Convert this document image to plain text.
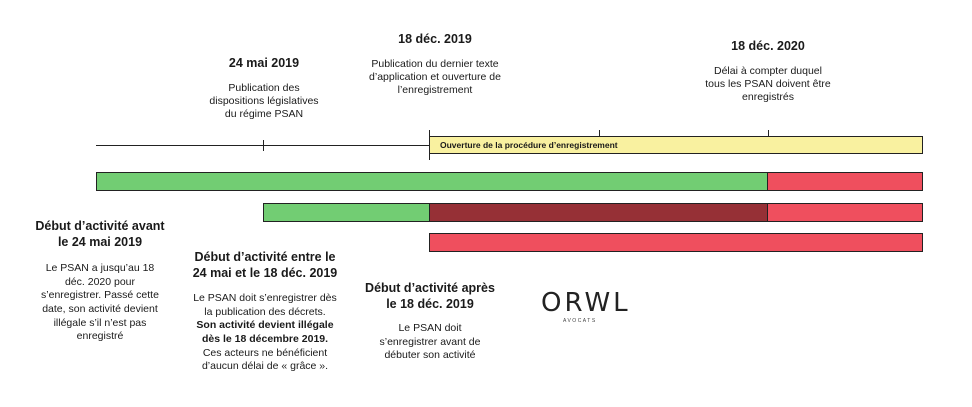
24 mai 2019
Publication des
dispositions législatives
du régime PSAN
18 déc. 2019
Publication du dernier texte
d’application et ouverture de
l’enregistrement
18 déc. 2020
Délai à compter duquel
tous les PSAN doivent être
enregistrés
Ouverture de la procédure d’enregistrement
Début d’activité avant
le 24 mai 2019
Le PSAN a jusqu’au 18
déc. 2020 pour
s’enregistrer. Passé cette
date, son activité devient
illégale s’il n’est pas
enregistré
Début d’activité entre le
24 mai et le 18 déc. 2019
Le PSAN doit s’enregistrer dès
la publication des décrets.
Son activité devient illégale
dès le 18 décembre 2019.
Ces acteurs ne bénéficient
d’aucun délai de « grâce ».
Début d’activité après
le 18 déc. 2019
Le PSAN doit
s’enregistrer avant de
débuter son activité
ORWL
AVOCATS
